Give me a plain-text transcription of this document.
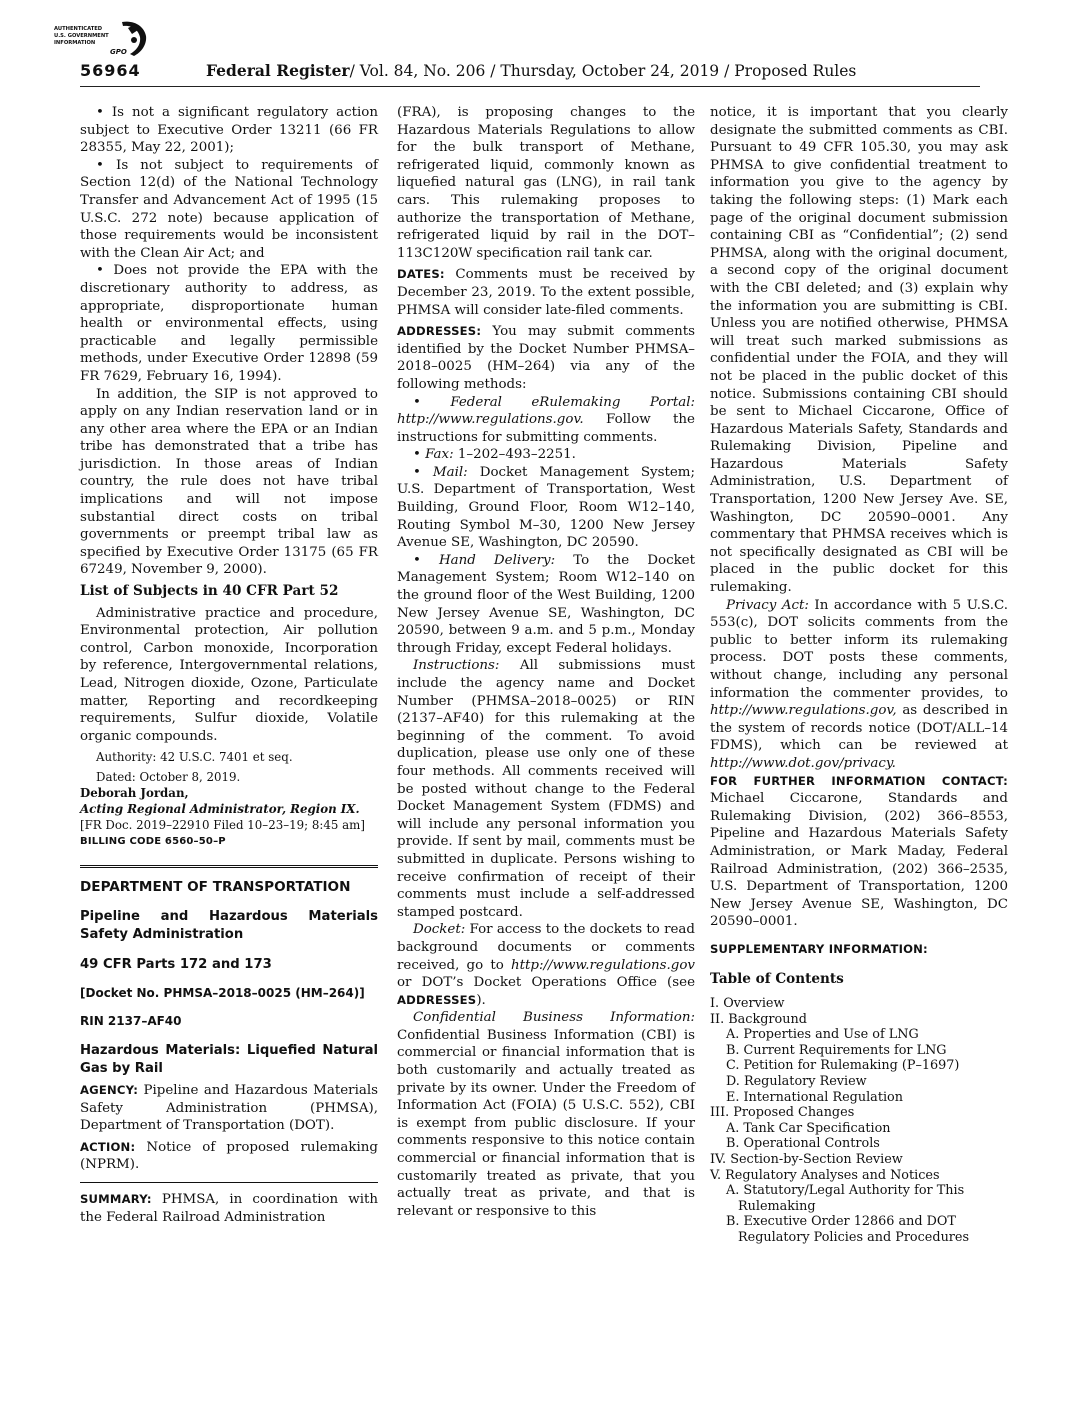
AUTHENTICATED
U.S. GOVERNMENT
INFORMATION
GPO
56964	Federal Register/ Vol. 84, No. 206 / Thursday, October 24, 2019 / Proposed Rules

• Is not a significant regulatory action subject to Executive Order 13211 (66 FR 28355, May 22, 2001);

• Is not subject to requirements of Section 12(d) of the National Technology Transfer and Advancement Act of 1995 (15 U.S.C. 272 note) because application of those requirements would be inconsistent with the Clean Air Act; and

• Does not provide the EPA with the discretionary authority to address, as appropriate, disproportionate human health or environmental effects, using practicable and legally permissible methods, under Executive Order 12898 (59 FR 7629, February 16, 1994).

In addition, the SIP is not approved to apply on any Indian reservation land or in any other area where the EPA or an Indian tribe has demonstrated that a tribe has jurisdiction. In those areas of Indian country, the rule does not have tribal implications and will not impose substantial direct costs on tribal governments or preempt tribal law as specified by Executive Order 13175 (65 FR 67249, November 9, 2000).

List of Subjects in 40 CFR Part 52

Administrative practice and procedure, Environmental protection, Air pollution control, Carbon monoxide, Incorporation by reference, Intergovernmental relations, Lead, Nitrogen dioxide, Ozone, Particulate matter, Reporting and recordkeeping requirements, Sulfur dioxide, Volatile organic compounds.

Authority: 42 U.S.C. 7401 et seq.

Dated: October 8, 2019.

Deborah Jordan,

Acting Regional Administrator, Region IX.

[FR Doc. 2019–22910 Filed 10–23–19; 8:45 am]

BILLING CODE 6560–50–P

DEPARTMENT OF TRANSPORTATION

Pipeline and Hazardous Materials Safety Administration

49 CFR Parts 172 and 173

[Docket No. PHMSA–2018–0025 (HM–264)]

RIN 2137–AF40

Hazardous Materials: Liquefied Natural Gas by Rail

AGENCY: Pipeline and Hazardous Materials Safety Administration (PHMSA), Department of Transportation (DOT).

ACTION: Notice of proposed rulemaking (NPRM).

SUMMARY: PHMSA, in coordination with the Federal Railroad Administration

(FRA), is proposing changes to the Hazardous Materials Regulations to allow for the bulk transport of Methane, refrigerated liquid, commonly known as liquefied natural gas (LNG), in rail tank cars. This rulemaking proposes to authorize the transportation of Methane, refrigerated liquid by rail in the DOT–113C120W specification rail tank car.

DATES: Comments must be received by December 23, 2019. To the extent possible, PHMSA will consider late-filed comments.

ADDRESSES: You may submit comments identified by the Docket Number PHMSA–2018–0025 (HM–264) via any of the following methods:

• Federal eRulemaking Portal: http://www.regulations.gov. Follow the instructions for submitting comments.

• Fax: 1–202–493–2251.

• Mail: Docket Management System; U.S. Department of Transportation, West Building, Ground Floor, Room W12–140, Routing Symbol M–30, 1200 New Jersey Avenue SE, Washington, DC 20590.

• Hand Delivery: To the Docket Management System; Room W12–140 on the ground floor of the West Building, 1200 New Jersey Avenue SE, Washington, DC 20590, between 9 a.m. and 5 p.m., Monday through Friday, except Federal holidays.

Instructions: All submissions must include the agency name and Docket Number (PHMSA–2018–0025) or RIN (2137–AF40) for this rulemaking at the beginning of the comment. To avoid duplication, please use only one of these four methods. All comments received will be posted without change to the Federal Docket Management System (FDMS) and will include any personal information you provide. If sent by mail, comments must be submitted in duplicate. Persons wishing to receive confirmation of receipt of their comments must include a self-addressed stamped postcard.

Docket: For access to the dockets to read background documents or comments received, go to http://www.regulations.gov or DOT’s Docket Operations Office (see ADDRESSES).

Confidential Business Information: Confidential Business Information (CBI) is commercial or financial information that is both customarily and actually treated as private by its owner. Under the Freedom of Information Act (FOIA) (5 U.S.C. 552), CBI is exempt from public disclosure. If your comments responsive to this notice contain commercial or financial information that is customarily treated as private, that you actually treat as private, and that is relevant or responsive to this

notice, it is important that you clearly designate the submitted comments as CBI. Pursuant to 49 CFR 105.30, you may ask PHMSA to give confidential treatment to information you give to the agency by taking the following steps: (1) Mark each page of the original document submission containing CBI as “Confidential”; (2) send PHMSA, along with the original document, a second copy of the original document with the CBI deleted; and (3) explain why the information you are submitting is CBI. Unless you are notified otherwise, PHMSA will treat such marked submissions as confidential under the FOIA, and they will not be placed in the public docket of this notice. Submissions containing CBI should be sent to Michael Ciccarone, Office of Hazardous Materials Safety, Standards and Rulemaking Division, Pipeline and Hazardous Materials Safety Administration, U.S. Department of Transportation, 1200 New Jersey Ave. SE, Washington, DC 20590–0001. Any commentary that PHMSA receives which is not specifically designated as CBI will be placed in the public docket for this rulemaking.

Privacy Act: In accordance with 5 U.S.C. 553(c), DOT solicits comments from the public to better inform its rulemaking process. DOT posts these comments, without change, including any personal information the commenter provides, to http://www.regulations.gov, as described in the system of records notice (DOT/ALL–14 FDMS), which can be reviewed at http://www.dot.gov/privacy.

FOR FURTHER INFORMATION CONTACT: Michael Ciccarone, Standards and Rulemaking Division, (202) 366–8553, Pipeline and Hazardous Materials Safety Administration, or Mark Maday, Federal Railroad Administration, (202) 366–2535, U.S. Department of Transportation, 1200 New Jersey Avenue SE, Washington, DC 20590–0001.

SUPPLEMENTARY INFORMATION:

Table of Contents

I. Overview
II. Background
A. Properties and Use of LNG
B. Current Requirements for LNG
C. Petition for Rulemaking (P–1697)
D. Regulatory Review
E. International Regulation
III. Proposed Changes
A. Tank Car Specification
B. Operational Controls
IV. Section-by-Section Review
V. Regulatory Analyses and Notices
A. Statutory/Legal Authority for This
Rulemaking
B. Executive Order 12866 and DOT
Regulatory Policies and Procedures
